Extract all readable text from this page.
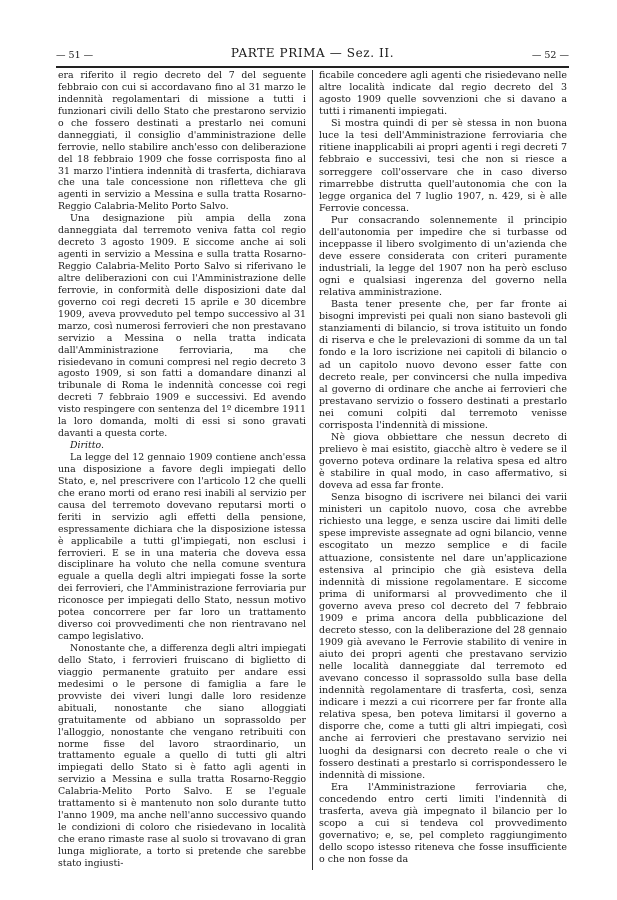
— 51 —	PARTE PRIMA — Sez. II.	— 52 —

era riferito il regio decreto del 7 del seguente febbraio con cui si accordavano fino al 31 marzo le indennità regolamentari di missione a tutti i funzionari civili dello Stato che prestarono servizio o che fossero destinati a prestarlo nei comuni danneggiati, il consiglio d'amministrazione delle ferrovie, nello stabilire anch'esso con deliberazione del 18 febbraio 1909 che fosse corrisposta fino al 31 marzo l'intiera indennità di trasferta, dichiarava che una tale concessione non rifletteva che gli agenti in servizio a Messina e sulla tratta Rosarno-Reggio Calabria-Melito Porto Salvo.

Una designazione più ampia della zona danneggiata dal terremoto veniva fatta col regio decreto 3 agosto 1909. E siccome anche ai soli agenti in servizio a Messina e sulla tratta Rosarno-Reggio Calabria-Melito Porto Salvo si riferivano le altre deliberazioni con cui l'Amministrazione delle ferrovie, in conformità delle disposizioni date dal governo coi regi decreti 15 aprile e 30 dicembre 1909, aveva provveduto pel tempo successivo al 31 marzo, così numerosi ferrovieri che non prestavano servizio a Messina o nella tratta indicata dall'Amministrazione ferroviaria, ma che risiedevano in comuni compresi nel regio decreto 3 agosto 1909, si son fatti a domandare dinanzi al tribunale di Roma le indennità concesse coi regi decreti 7 febbraio 1909 e successivi. Ed avendo visto respingere con sentenza del 1º dicembre 1911 la loro domanda, molti di essi si sono gravati davanti a questa corte.

Diritto.

La legge del 12 gennaio 1909 contiene anch'essa una disposizione a favore degli impiegati dello Stato, e, nel prescrivere con l'articolo 12 che quelli che erano morti od erano resi inabili al servizio per causa del terremoto dovevano reputarsi morti o feriti in servizio agli effetti della pensione, espressamente dichiara che la disposizione istessa è applicabile a tutti gl'impiegati, non esclusi i ferrovieri. E se in una materia che doveva essa disciplinare ha voluto che nella comune sventura eguale a quella degli altri impiegati fosse la sorte dei ferrovieri, che l'Amministrazione ferroviaria pur riconosce per impiegati dello Stato, nessun motivo potea concorrere per far loro un trattamento diverso coi provvedimenti che non rientravano nel campo legislativo.

Nonostante che, a differenza degli altri impiegati dello Stato, i ferrovieri fruiscano di biglietto di viaggio permanente gratuito per andare essi medesimi o le persone di famiglia a fare le provviste dei viveri lungi dalle loro residenze abituali, nonostante che siano alloggiati gratuitamente od abbiano un soprassoldo per l'alloggio, nonostante che vengano retribuiti con norme fisse del lavoro straordinario, un trattamento eguale a quello di tutti gli altri impiegati dello Stato si è fatto agli agenti in servizio a Messina e sulla tratta Rosarno-Reggio Calabria-Melito Porto Salvo. E se l'eguale trattamento si è mantenuto non solo durante tutto l'anno 1909, ma anche nell'anno successivo quando le condizioni di coloro che risiedevano in località che erano rimaste rase al suolo si trovavano di gran lunga migliorate, a torto si pretende che sarebbe stato ingiusti-

ficabile concedere agli agenti che risiedevano nelle altre località indicate dal regio decreto del 3 agosto 1909 quelle sovvenzioni che si davano a tutti i rimanenti impiegati.

Si mostra quindi di per sè stessa in non buona luce la tesi dell'Amministrazione ferroviaria che ritiene inapplicabili ai propri agenti i regi decreti 7 febbraio e successivi, tesi che non si riesce a sorreggere coll'osservare che in caso diverso rimarrebbe distrutta quell'autonomia che con la legge organica del 7 luglio 1907, n. 429, si è alle Ferrovie concessa.

Pur consacrando solennemente il principio dell'autonomia per impedire che si turbasse od inceppasse il libero svolgimento di un'azienda che deve essere considerata con criteri puramente industriali, la legge del 1907 non ha però escluso ogni e qualsiasi ingerenza del governo nella relativa amministrazione.

Basta tener presente che, per far fronte ai bisogni imprevisti pei quali non siano bastevoli gli stanziamenti di bilancio, si trova istituito un fondo di riserva e che le prelevazioni di somme da un tal fondo e la loro iscrizione nei capitoli di bilancio o ad un capitolo nuovo devono esser fatte con decreto reale, per convincersi che nulla impediva al governo di ordinare che anche ai ferrovieri che prestavano servizio o fossero destinati a prestarlo nei comuni colpiti dal terremoto venisse corrisposta l'indennità di missione.

Nè giova obbiettare che nessun decreto di prelievo è mai esistito, giacchè altro è vedere se il governo poteva ordinare la relativa spesa ed altro è stabilire in qual modo, in caso affermativo, si doveva ad essa far fronte.

Senza bisogno di iscrivere nei bilanci dei varii ministeri un capitolo nuovo, cosa che avrebbe richiesto una legge, e senza uscire dai limiti delle spese impreviste assegnate ad ogni bilancio, venne escogitato un mezzo semplice e di facile attuazione, consistente nel dare un'applicazione estensiva al principio che già esisteva della indennità di missione regolamentare. E siccome prima di uniformarsi al provvedimento che il governo aveva preso col decreto del 7 febbraio 1909 e prima ancora della pubblicazione del decreto stesso, con la deliberazione del 28 gennaio 1909 già avevano le Ferrovie stabilito di venire in aiuto dei propri agenti che prestavano servizio nelle località danneggiate dal terremoto ed avevano concesso il soprassoldo sulla base della indennità regolamentare di trasferta, così, senza indicare i mezzi a cui ricorrere per far fronte alla relativa spesa, ben poteva limitarsi il governo a disporre che, come a tutti gli altri impiegati, così anche ai ferrovieri che prestavano servizio nei luoghi da designarsi con decreto reale o che vi fossero destinati a prestarlo si corrispondessero le indennità di missione.

Era l'Amministrazione ferroviaria che, concedendo entro certi limiti l'indennità di trasferta, aveva già impegnato il bilancio per lo scopo a cui si tendeva col provvedimento governativo; e, se, pel completo raggiungimento dello scopo istesso riteneva che fosse insufficiente o che non fosse da
